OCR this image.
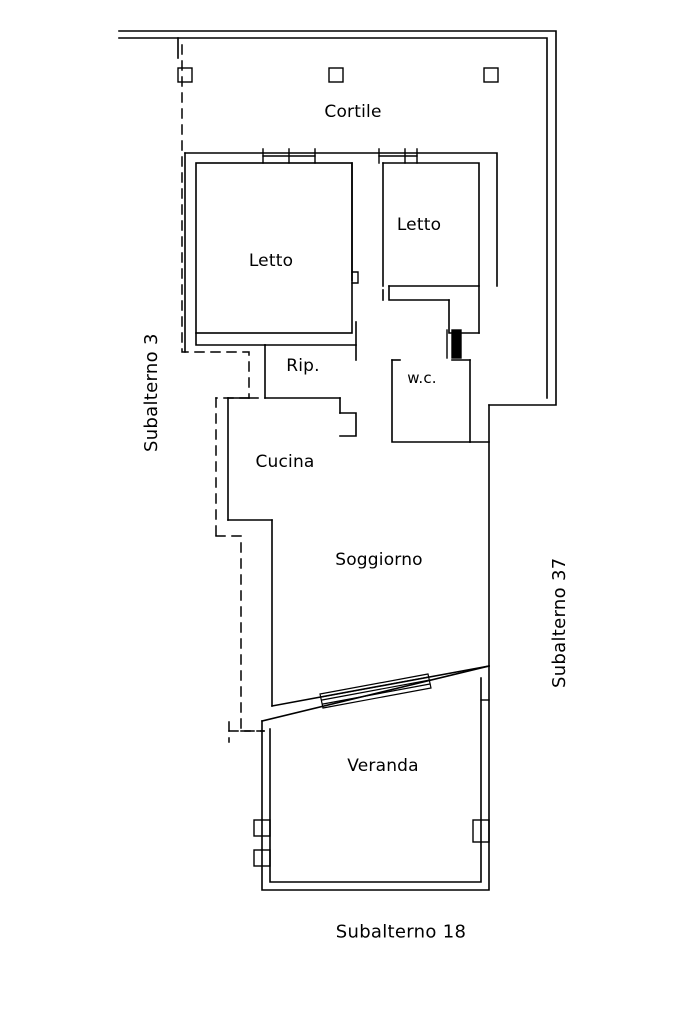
Cortile
Letto
Letto
Rip.
w.c.
Cucina
Soggiorno
Veranda
Subalterno 3
Subalterno 37
Subalterno 18
